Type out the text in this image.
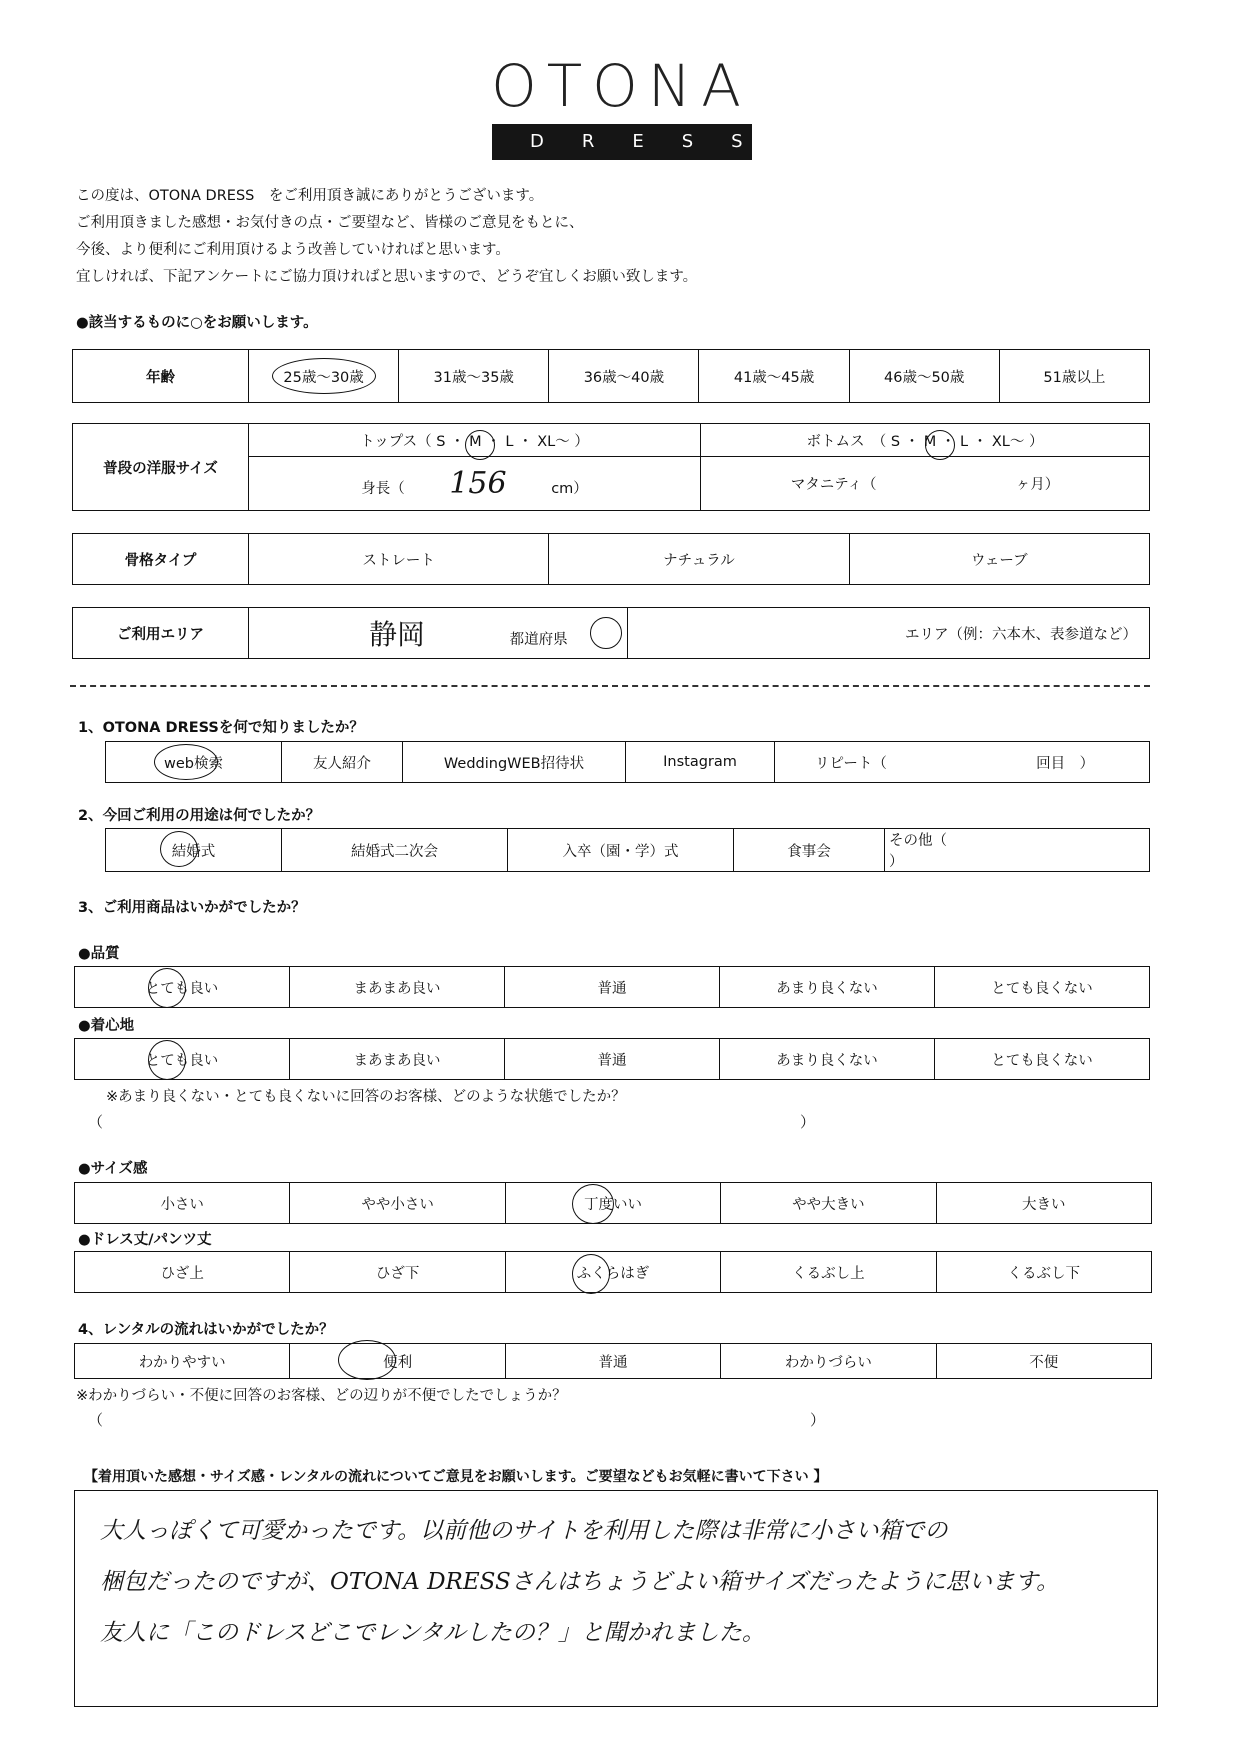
OTONA
DRESS
この度は、OTONA DRESS　をご利用頂き誠にありがとうございます。
ご利用頂きました感想・お気付きの点・ご要望など、皆様のご意見をもとに、
今後、より便利にご利用頂けるよう改善していければと思います。
宜しければ、下記アンケートにご協力頂ければと思いますので、どうぞ宜しくお願い致します。
●該当するものに○をお願いします。
年齢	25歳〜30歳	31歳〜35歳	36歳〜40歳	41歳〜45歳	46歳〜50歳	51歳以上
普段の洋服サイズ	トップス（ S ・ M ・ L ・ XL〜 ）	ボトムス　（ S ・ M ・ L ・ XL〜 ）
	身長（ 156 cm）	マタニティ（ ヶ月）
骨格タイプ	ストレート	ナチュラル	ウェーブ
ご利用エリア	静岡	都道府県	エリア（例：六本木、表参道など）
1、OTONA DRESSを何で知りましたか？
web検索	友人紹介	WeddingWEB招待状	Instagram	リピート（	回目　）
2、今回ご利用の用途は何でしたか？
結婚式	結婚式二次会	入卒（園・学）式	食事会	その他（  ）
3、ご利用商品はいかがでしたか？
●品質
とても良い	まあまあ良い	普通	あまり良くない	とても良くない
●着心地
とても良い	まあまあ良い	普通	あまり良くない	とても良くない
※あまり良くない・とても良くないに回答のお客様、どのような状態でしたか？
（	）
●サイズ感
小さい	やや小さい	丁度いい	やや大きい	大きい
●ドレス丈/パンツ丈
ひざ上	ひざ下	ふくらはぎ	くるぶし上	くるぶし下
4、レンタルの流れはいかがでしたか？
わかりやすい	便利	普通	わかりづらい	不便
※わかりづらい・不便に回答のお客様、どの辺りが不便でしたでしょうか？
（	）
【着用頂いた感想・サイズ感・レンタルの流れについてご意見をお願いします。ご要望などもお気軽に書いて下さい 】
大人っぽくて可愛かったです。以前他のサイトを利用した際は非常に小さい箱での
梱包だったのですが、OTONA DRESSさんはちょうどよい箱サイズだったように思います。
友人に「このドレスどこでレンタルしたの？」と聞かれました。
